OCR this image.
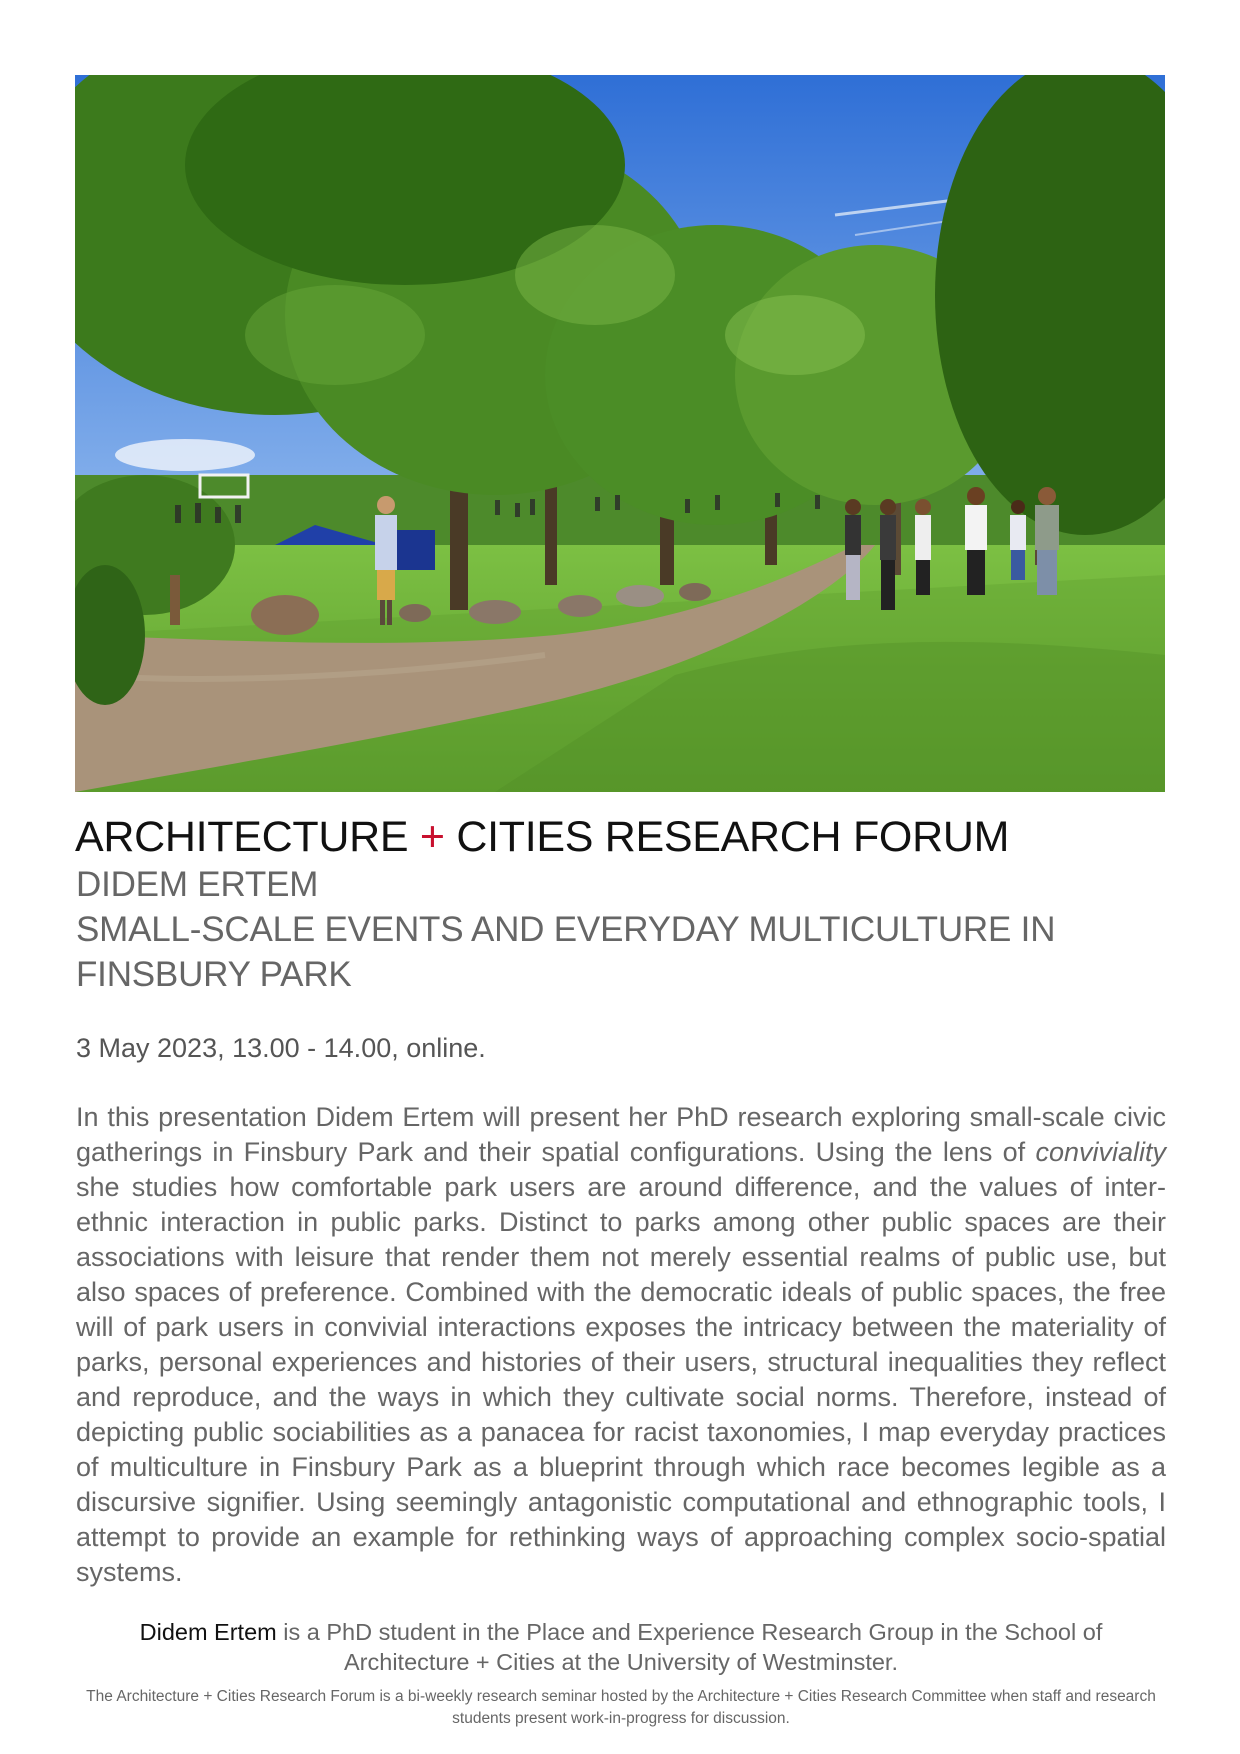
ARCHITECTURE + CITIES RESEARCH FORUM
DIDEM ERTEM
SMALL-SCALE EVENTS AND EVERYDAY MULTICULTURE IN
FINSBURY PARK
3 May 2023, 13.00 - 14.00, online.

In this presentation Didem Ertem will present her PhD research exploring small-scale civic gatherings in Finsbury Park and their spatial configurations. Using the lens of conviviality she studies how comfortable park users are around difference, and the values of inter-ethnic interaction in public parks. Distinct to parks among other public spaces are their associations with leisure that render them not merely essential realms of public use, but also spaces of preference. Combined with the democratic ideals of public spaces, the free will of park users in convivial interactions exposes the intricacy between the materiality of parks, personal experiences and histories of their users, structural inequalities they reflect and reproduce, and the ways in which they cultivate social norms. Therefore, instead of depicting public sociabilities as a panacea for racist taxonomies, I map everyday practices of multiculture in Finsbury Park as a blueprint through which race becomes legible as a discursive signifier. Using seemingly antagonistic computational and ethnographic tools, I attempt to provide an example for rethinking ways of approaching complex socio-spatial systems.

Didem Ertem is a PhD student in the Place and Experience Research Group in the School of Architecture + Cities at the University of Westminster.

The Architecture + Cities Research Forum is a bi-weekly research seminar hosted by the Architecture + Cities Research Committee when staff and research students present work-in-progress for discussion.
